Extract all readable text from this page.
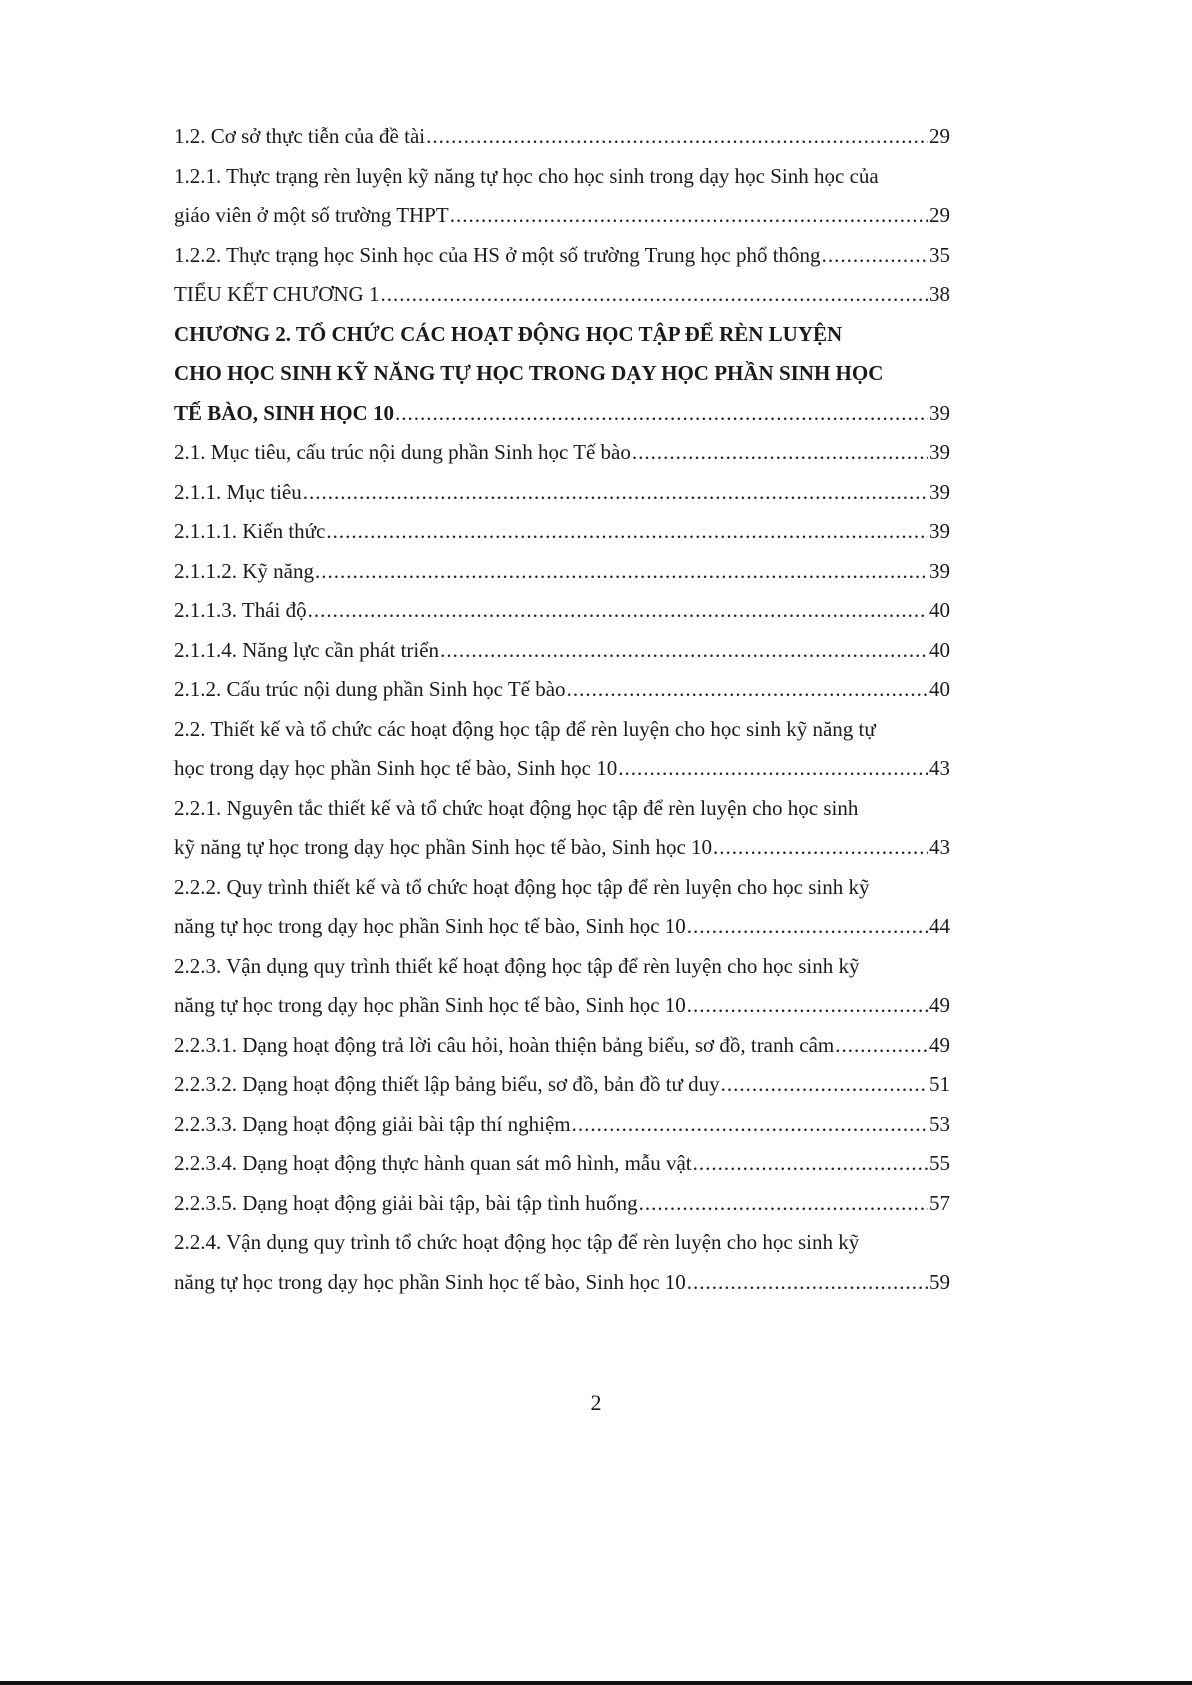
1.2. Cơ sở thực tiễn của đề tài .....	29
1.2.1. Thực trạng rèn luyện kỹ năng tự học cho học sinh trong dạy học Sinh học của
giáo viên ở một số trường THPT .....	29
1.2.2. Thực trạng học Sinh học của HS ở một số trường Trung học phổ thông .....	35
TIỂU KẾT CHƯƠNG 1 .....	38
CHƯƠNG 2. TỔ CHỨC CÁC HOẠT ĐỘNG HỌC TẬP ĐỂ RÈN LUYỆN
CHO HỌC SINH KỸ NĂNG TỰ HỌC TRONG DẠY HỌC PHẦN SINH HỌC
TẾ BÀO, SINH HỌC 10 .....	39
2.1. Mục tiêu, cấu trúc nội dung phần Sinh học Tế bào .....	39
2.1.1. Mục tiêu .....	39
2.1.1.1. Kiến thức .....	39
2.1.1.2. Kỹ năng .....	39
2.1.1.3. Thái độ .....	40
2.1.1.4. Năng lực cần phát triển .....	40
2.1.2. Cấu trúc nội dung phần Sinh học Tế bào .....	40
2.2. Thiết kế và tổ chức các hoạt động học tập để rèn luyện cho học sinh kỹ năng tự
học trong dạy học phần Sinh học tế bào, Sinh học 10 .....	43
2.2.1. Nguyên tắc thiết kế và tổ chức hoạt động học tập để rèn luyện cho học sinh
kỹ năng tự học trong dạy học phần Sinh học tế bào, Sinh học 10 .....	43
2.2.2. Quy trình thiết kế và tổ chức hoạt động học tập để rèn luyện cho học sinh kỹ
năng tự học trong dạy học phần Sinh học tế bào, Sinh học 10 .....	44
2.2.3. Vận dụng quy trình thiết kế hoạt động học tập để rèn luyện cho học sinh kỹ
năng tự học trong dạy học phần Sinh học tế bào, Sinh học 10 .....	49
2.2.3.1. Dạng hoạt động trả lời câu hỏi, hoàn thiện bảng biểu, sơ đồ, tranh câm .....	49
2.2.3.2. Dạng hoạt động thiết lập bảng biểu, sơ đồ, bản đồ tư duy .....	51
2.2.3.3. Dạng hoạt động giải bài tập thí nghiệm .....	53
2.2.3.4. Dạng hoạt động thực hành quan sát mô hình, mẫu vật .....	55
2.2.3.5. Dạng hoạt động giải bài tập, bài tập tình huống .....	57
2.2.4. Vận dụng quy trình tổ chức hoạt động học tập để rèn luyện cho học sinh kỹ
năng tự học trong dạy học phần Sinh học tế bào, Sinh học 10 .....	59
2
